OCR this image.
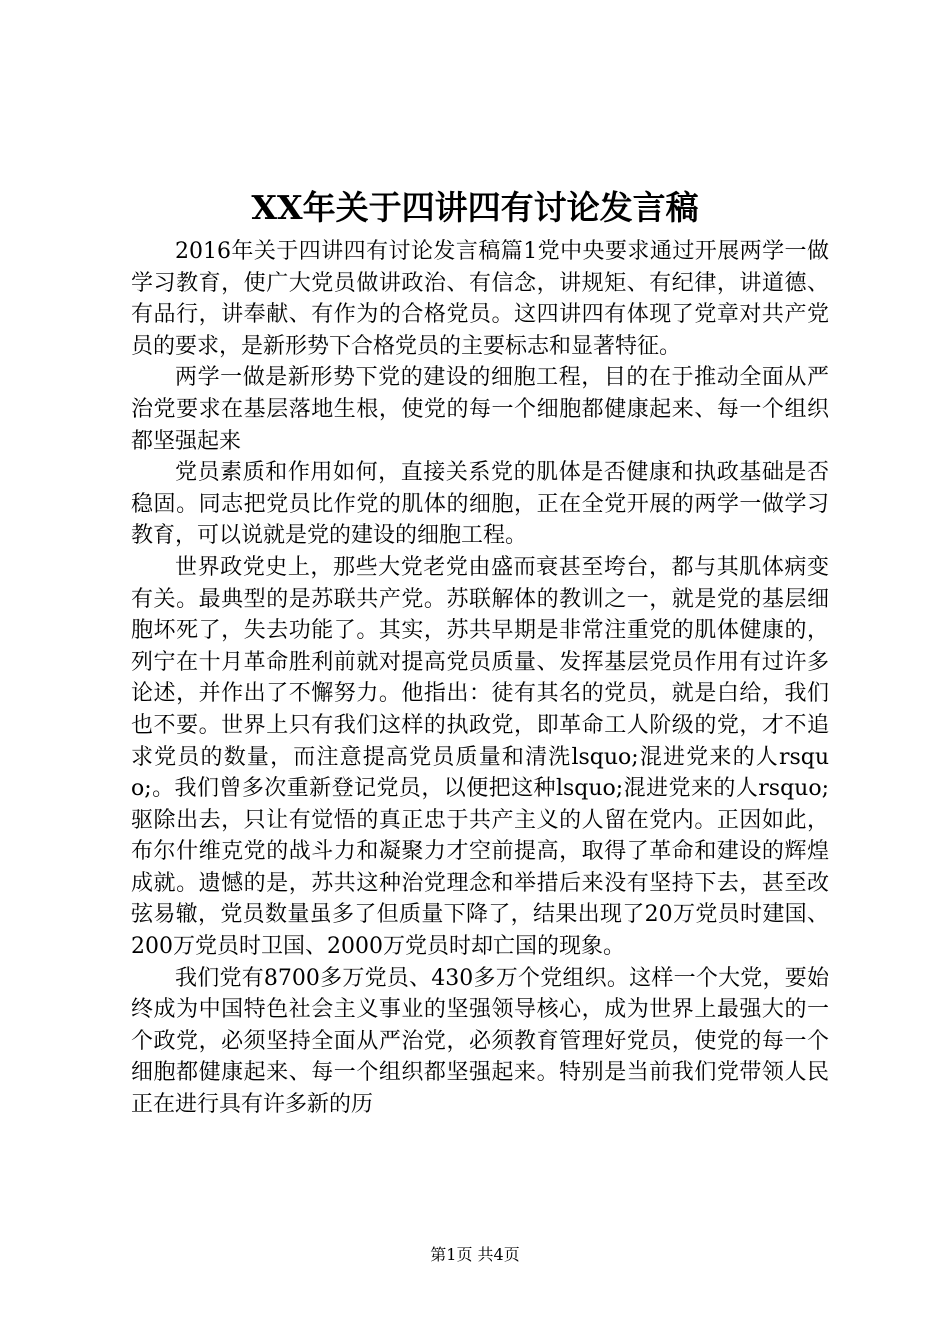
XX年关于四讲四有讨论发言稿

2016年关于四讲四有讨论发言稿篇1党中央要求通过开展两学一做学习教育，使广大党员做讲政治、有信念，讲规矩、有纪律，讲道德、有品行，讲奉献、有作为的合格党员。这四讲四有体现了党章对共产党员的要求，是新形势下合格党员的主要标志和显著特征。

两学一做是新形势下党的建设的细胞工程，目的在于推动全面从严治党要求在基层落地生根，使党的每一个细胞都健康起来、每一个组织都坚强起来

党员素质和作用如何，直接关系党的肌体是否健康和执政基础是否稳固。同志把党员比作党的肌体的细胞，正在全党开展的两学一做学习教育，可以说就是党的建设的细胞工程。

世界政党史上，那些大党老党由盛而衰甚至垮台，都与其肌体病变有关。最典型的是苏联共产党。苏联解体的教训之一，就是党的基层细胞坏死了，失去功能了。其实，苏共早期是非常注重党的肌体健康的，列宁在十月革命胜利前就对提高党员质量、发挥基层党员作用有过许多论述，并作出了不懈努力。他指出：徒有其名的党员，就是白给，我们也不要。世界上只有我们这样的执政党，即革命工人阶级的党，才不追求党员的数量，而注意提高党员质量和清洗lsquo;混进党来的人rsquo;。我们曾多次重新登记党员，以便把这种lsquo;混进党来的人rsquo;驱除出去，只让有觉悟的真正忠于共产主义的人留在党内。正因如此，布尔什维克党的战斗力和凝聚力才空前提高，取得了革命和建设的辉煌成就。遗憾的是，苏共这种治党理念和举措后来没有坚持下去，甚至改弦易辙，党员数量虽多了但质量下降了，结果出现了20万党员时建国、200万党员时卫国、2000万党员时却亡国的现象。

我们党有8700多万党员、430多万个党组织。这样一个大党，要始终成为中国特色社会主义事业的坚强领导核心，成为世界上最强大的一个政党，必须坚持全面从严治党，必须教育管理好党员，使党的每一个细胞都健康起来、每一个组织都坚强起来。特别是当前我们党带领人民正在进行具有许多新的历

第1页 共4页
